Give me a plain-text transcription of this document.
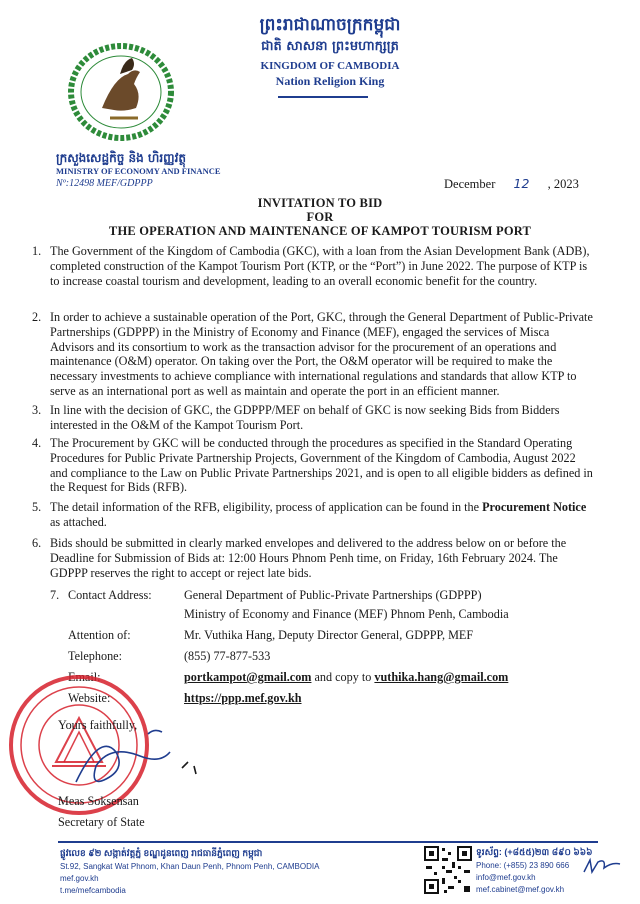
ព្រះរាជាណាចក្រកម្ពុជា
ជាតិ សាសនា ព្រះមហាក្សត្រ
KINGDOM OF CAMBODIA
Nation Religion King
ក្រសួងសេដ្ឋកិច្ច និង ហិរញ្ញវត្ថុ
MINISTRY OF ECONOMY AND FINANCE
Nº:12498 MEF/GDPPP	December 12 , 2023
INVITATION TO BID
FOR
THE OPERATION AND MAINTENANCE OF KAMPOT TOURISM PORT
1. The Government of the Kingdom of Cambodia (GKC), with a loan from the Asian Development Bank (ADB), completed construction of the Kampot Tourism Port (KTP, or the “Port”) in June 2022. The purpose of KTP is to increase coastal tourism and development, leading to an overall economic benefit for the country.
2. In order to achieve a sustainable operation of the Port, GKC, through the General Department of Public-Private Partnerships (GDPPP) in the Ministry of Economy and Finance (MEF), engaged the services of Misca Advisors and its consortium to work as the transaction advisor for the procurement of an operations and maintenance (O&M) operator. On taking over the Port, the O&M operator will be required to make the necessary investments to achieve compliance with international regulations and standards that allow KTP to serve as an international port as well as maintain and operate the port in an efficient manner.
3. In line with the decision of GKC, the GDPPP/MEF on behalf of GKC is now seeking Bids from Bidders interested in the O&M of the Kampot Tourism Port.
4. The Procurement by GKC will be conducted through the procedures as specified in the Standard Operating Procedures for Public Private Partnership Projects, Government of the Kingdom of Cambodia, August 2022 and compliance to the Law on Public Private Partnerships 2021, and is open to all eligible bidders as defined in the Request for Bids (RFB).
5. The detail information of the RFB, eligibility, process of application can be found in the Procurement Notice as attached.
6. Bids should be submitted in clearly marked envelopes and delivered to the address below on or before the Deadline for Submission of Bids at: 12:00 Hours Phnom Penh time, on Friday, 16th February 2024. The GDPPP reserves the right to accept or reject late bids.
7. Contact Address:	General Department of Public-Private Partnerships (GDPPP)
Ministry of Economy and Finance (MEF) Phnom Penh, Cambodia
Attention of:	Mr. Vuthika Hang, Deputy Director General, GDPPP, MEF
Telephone:	(855) 77-877-533
Email:	portkampot@gmail.com and copy to vuthika.hang@gmail.com
Website:	https://ppp.mef.gov.kh
Yours faithfully,
Meas Soksensan
Secretary of State
ផ្លូវលេខ ៩២ សង្កាត់វត្តភ្នំ ខណ្ឌដូនពេញ រាជធានីភ្នំពេញ កម្ពុជា
St.92, Sangkat Wat Phnom, Khan Daun Penh, Phnom Penh, CAMBODIA
mef.gov.kh
t.me/mefcambodia
ទូរស័ព្ទ: (+៨៥៥)២៣ ៨៩០ ៦៦៦
Phone: (+855) 23 890 666
info@mef.gov.kh
mef.cabinet@mef.gov.kh
